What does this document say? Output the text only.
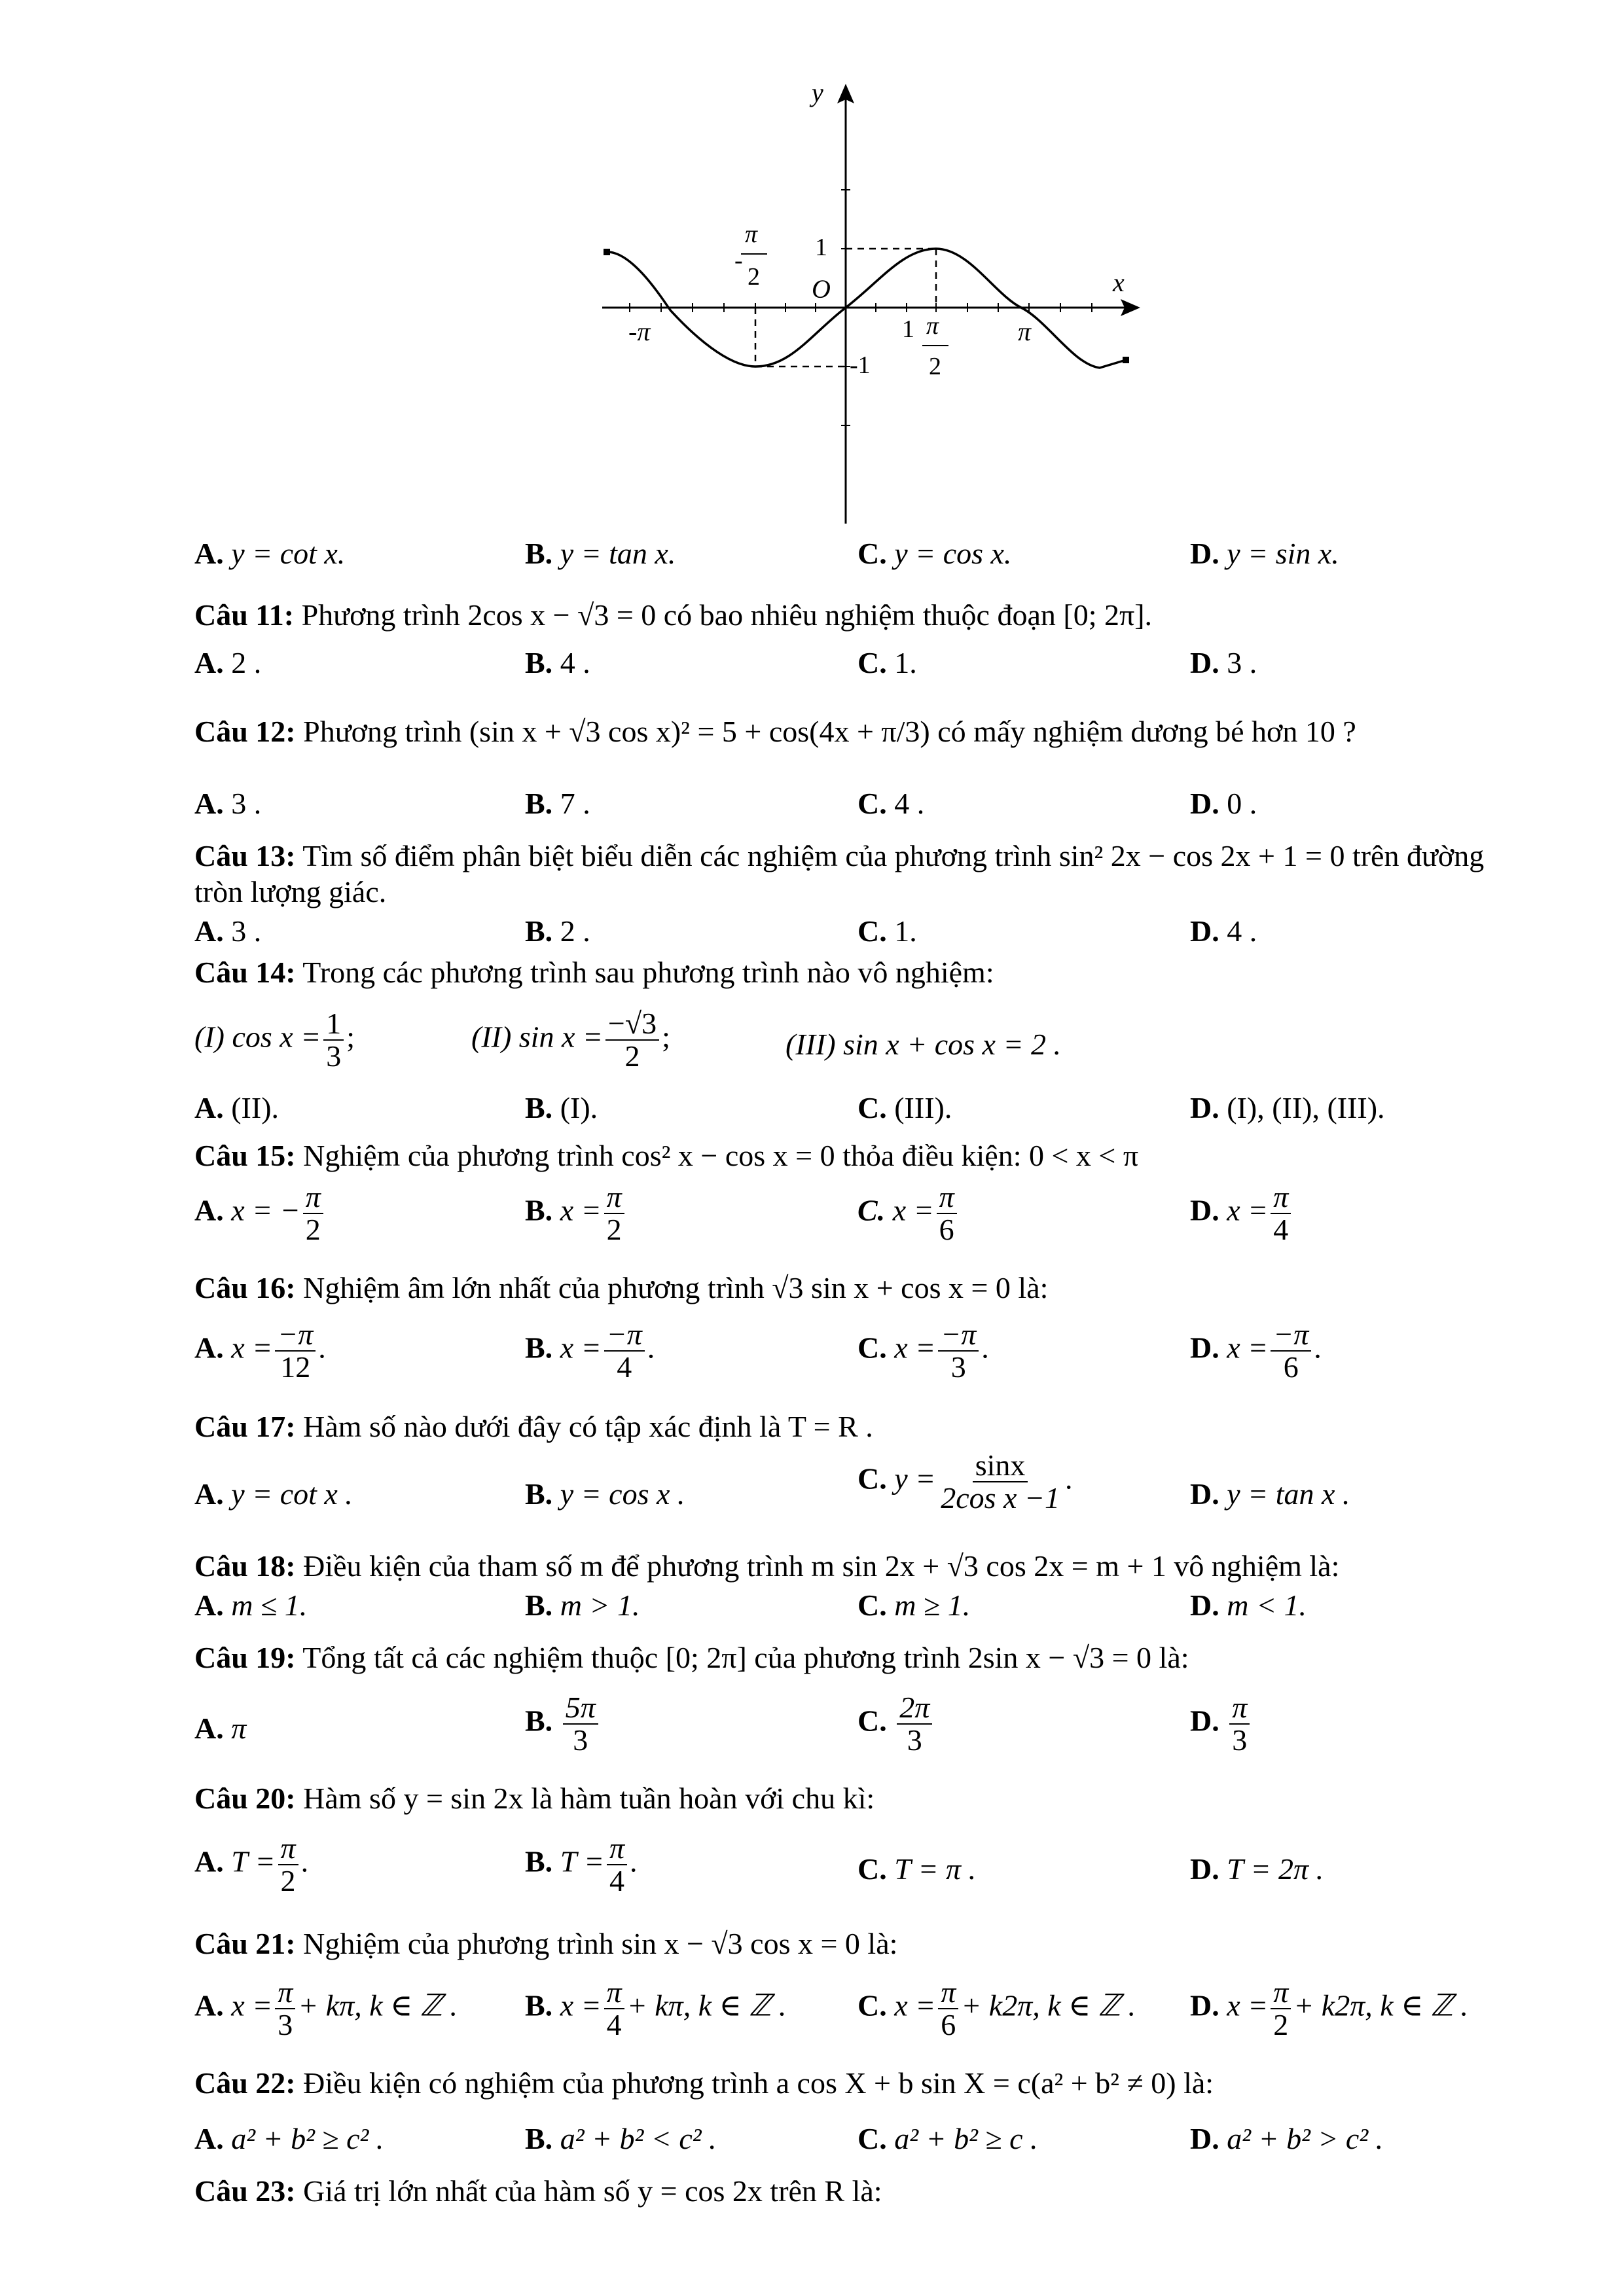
y
x
O
-π	π
1
-1
1
-
π
2
π
2
A. y = cot x.	B. y = tan x.	C. y = cos x.	D. y = sin x.
Câu 11: Phương trình 2cos x − √3 = 0 có bao nhiêu nghiệm thuộc đoạn [0; 2π].
A. 2 .	B. 4 .	C. 1.	D. 3 .
Câu 12: Phương trình (sin x + √3 cos x)² = 5 + cos(4x + π/3) có mấy nghiệm dương bé hơn 10 ?
A. 3 .	B. 7 .	C. 4 .	D. 0 .
Câu 13: Tìm số điểm phân biệt biểu diễn các nghiệm của phương trình sin² 2x − cos 2x + 1 = 0 trên đường
tròn lượng giác.
A. 3 .	B. 2 .	C. 1.	D. 4 .
Câu 14: Trong các phương trình sau phương trình nào vô nghiệm:
(I) $\cos x = \frac{1}{3}$ ;	(II) $\sin x = \frac{-√3}{2}$ ;	(III) sin x + cos x = 2 .
A. (II).	B. (I).	C. (III).	D. (I), (II), (III).
Câu 15: Nghiệm của phương trình cos² x − cos x = 0 thỏa điều kiện: 0 < x < π
A. x = − $\frac{\pi}{2}$	B. $x = \frac{\pi}{2}$	C. $x = \frac{\pi}{6}$	D. $x = \frac{\pi}{4}$
Câu 16: Nghiệm âm lớn nhất của phương trình √3 sin x + cos x = 0 là:
A. $x = \frac{-\pi}{12}$ .	B. $x = \frac{-\pi}{4}$ .	C. $x = \frac{-\pi}{3}$ .	D. $x = \frac{-\pi}{6}$ .
Câu 17: Hàm số nào dưới đây có tập xác định là T = R .
A. y = cot x .	B. y = cos x .	C. $y = \frac{\sin x}{\text{2cos x −1}}$ .	D. y = tan x .
Câu 18: Điều kiện của tham số m để phương trình m sin 2x + √3 cos 2x = m + 1 vô nghiệm là:
A. m ≤ 1.	B. m > 1.	C. m ≥ 1.	D. m < 1.
Câu 19: Tổng tất cả các nghiệm thuộc [0; 2π] của phương trình 2sin x − √3 = 0 là:
A. π	B. $\frac{5\pi}{3}$	C. $\frac{2\pi}{3}$	D. $\frac{\pi}{3}$
Câu 20: Hàm số y = sin 2x là hàm tuần hoàn với chu kì:
A. $T = \frac{\pi}{2}$ .	B. $T = \frac{\pi}{4}$ .	C. T = π .	D. T = 2π .
Câu 21: Nghiệm của phương trình sin x − √3 cos x = 0 là:
A. $x = \frac{\pi}{3} + k\pi$, k ∈ ℤ . B. $x = \frac{\pi}{4} + k\pi$, k ∈ ℤ . C. $x = \frac{\pi}{6} + k2\pi$, k ∈ ℤ . D. $x = \frac{\pi}{2} + k2\pi$, k ∈ ℤ .
Câu 22: Điều kiện có nghiệm của phương trình a cos X + b sin X = c(a² + b² ≠ 0) là:
A. a² + b² ≥ c² .	B. a² + b² < c² .	C. a² + b² ≥ c .	D. a² + b² > c² .
Câu 23: Giá trị lớn nhất của hàm số y = cos 2x trên R là:
